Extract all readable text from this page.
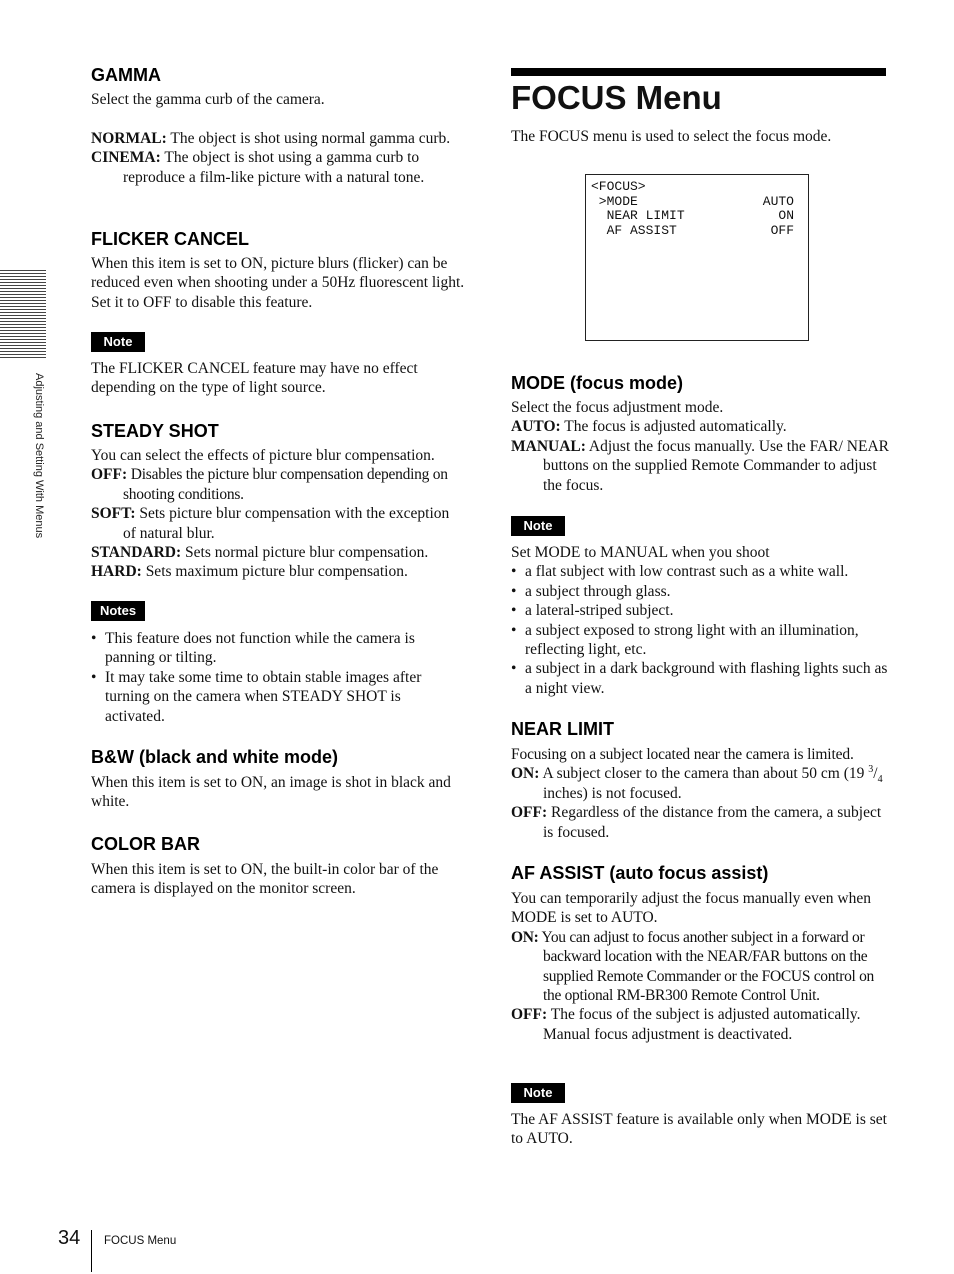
Adjusting and Setting With Menus
GAMMA

Select the gamma curb of the camera.

NORMAL: The object is shot using normal gamma curb.

CINEMA: The object is shot using a gamma curb to reproduce a film-like picture with a natural tone.

FLICKER CANCEL

When this item is set to ON, picture blurs (flicker) can be reduced even when shooting under a 50Hz fluorescent light. Set it to OFF to disable this feature.

Note

The FLICKER CANCEL feature may have no effect depending on the type of light source.

STEADY SHOT

You can select the effects of picture blur compensation.

OFF: Disables the picture blur compensation depending on shooting conditions.

SOFT: Sets picture blur compensation with the exception of natural blur.

STANDARD: Sets normal picture blur compensation.

HARD: Sets maximum picture blur compensation.

Notes

• This feature does not function while the camera is panning or tilting.

• It may take some time to obtain stable images after turning on the camera when STEADY SHOT is activated.

B&W (black and white mode)

When this item is set to ON, an image is shot in black and white.

COLOR BAR

When this item is set to ON, the built-in color bar of the camera is displayed on the monitor screen.

FOCUS Menu

The FOCUS menu is used to select the focus mode.

<FOCUS>
>MODE	AUTO
NEAR LIMIT	ON
AF ASSIST	OFF
MODE (focus mode)

Select the focus adjustment mode.

AUTO: The focus is adjusted automatically.

MANUAL: Adjust the focus manually. Use the FAR/ NEAR buttons on the supplied Remote Commander to adjust the focus.

Note

Set MODE to MANUAL when you shoot

• a flat subject with low contrast such as a white wall.

• a subject through glass.

• a lateral-striped subject.

• a subject exposed to strong light with an illumination, reflecting light, etc.

• a subject in a dark background with flashing lights such as a night view.

NEAR LIMIT

Focusing on a subject located near the camera is limited.

ON: A subject closer to the camera than about 50 cm (19 $^3/_4$ inches) is not focused.

OFF: Regardless of the distance from the camera, a subject is focused.

AF ASSIST (auto focus assist)

You can temporarily adjust the focus manually even when MODE is set to AUTO.

ON: You can adjust to focus another subject in a forward or backward location with the NEAR/FAR buttons on the supplied Remote Commander or the FOCUS control on the optional RM-BR300 Remote Control Unit.

OFF: The focus of the subject is adjusted automatically. Manual focus adjustment is deactivated.

Note

The AF ASSIST feature is available only when MODE is set to AUTO.

34 FOCUS Menu
